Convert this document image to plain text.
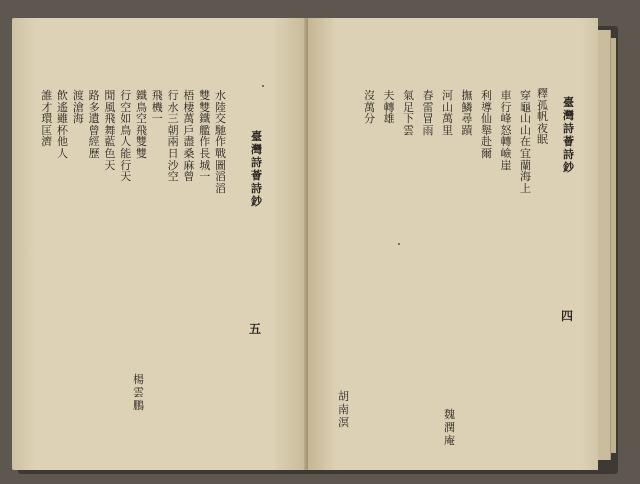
臺
灣
詩
薈
詩
鈔
五
水
陸
交
馳
作
戰
圖
滔
滔
雙
雙
鐵
艦
作
長
城
一
梧
棲
萬
戶
盡
桑
麻
曾
行
水
三
朝
兩
日
沙
空
飛
機
一
鐵
鳥
空
飛
雙
雙
行
空
如
鳥
人
能
行
天
閒
風
飛
舞
藍
色
天
路
多
遺
曾
經
歷
渡
滄
海
飲
遙
雖
杯
他
人
誰
才
環
匡
濟
楊
雲
鵬
臺
灣
詩
薈
詩
鈔
四
釋
孤
帆
夜
眠
穿
龜
山
山
在
宜
蘭
海
上
車
行
峰
怒
轉
嶮
崖
利
導
仙
舉
赴
爾
撫
鱗
尋
蹟
河
山
萬
里
春
雷
冒
雨
氣
足
下
雲
夫
轉
雄
沒
萬
分
魏
潤
庵
胡
南
溟
